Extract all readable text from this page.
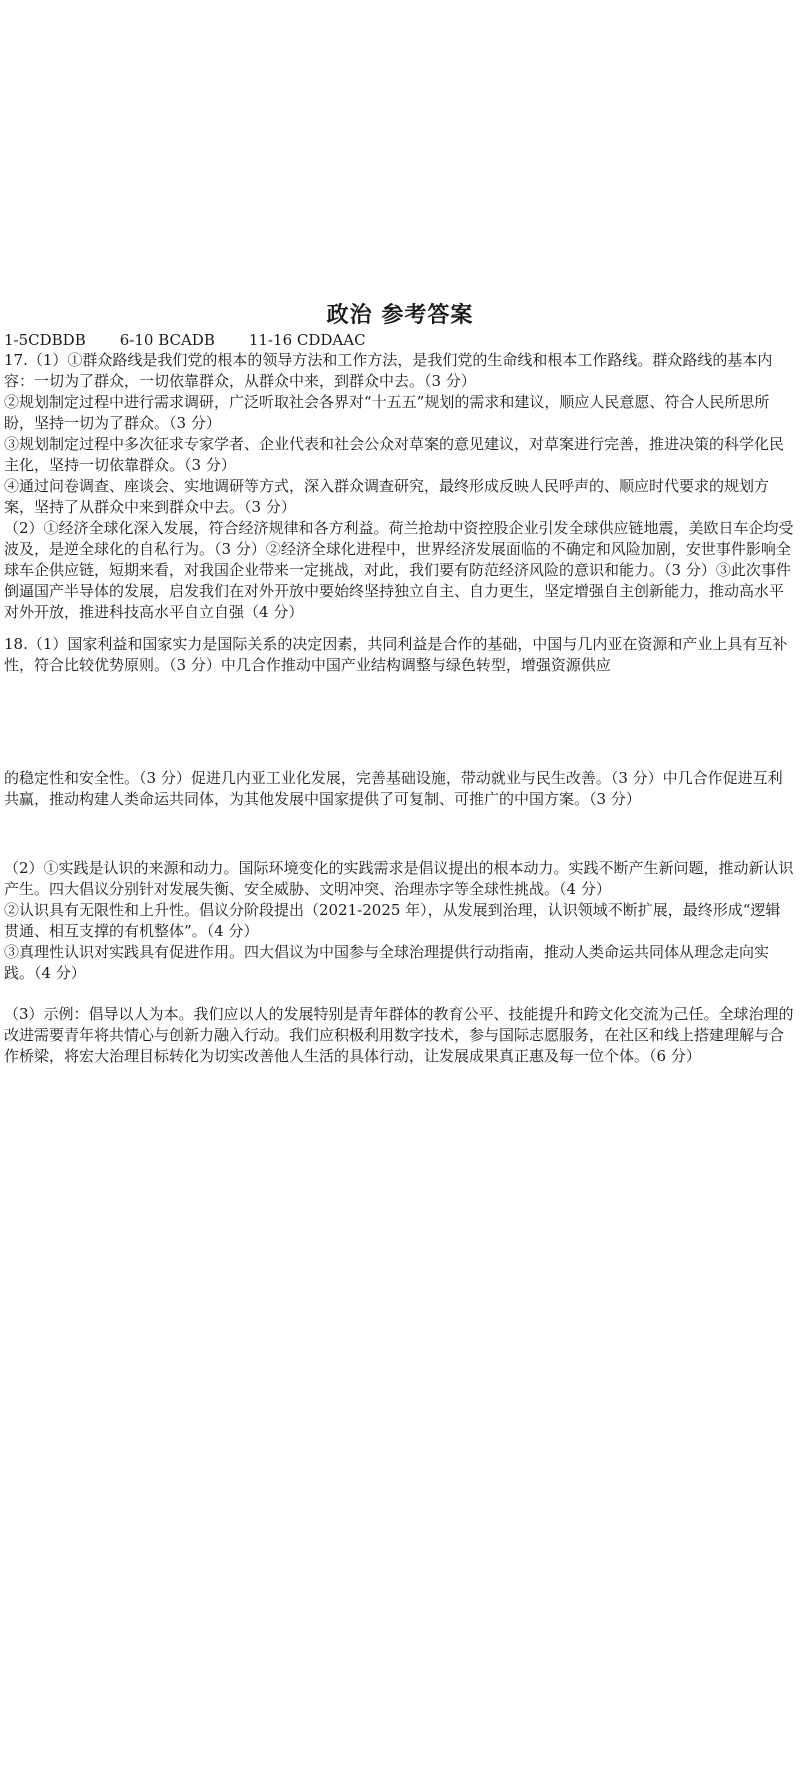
政治 参考答案
1-5CDBDB 6-10 BCADB 11-16 CDDAAC

17.（1）①群众路线是我们党的根本的领导方法和工作方法，是我们党的生命线和根本工作路线。群众路线的基本内容：一切为了群众，一切依靠群众，从群众中来，到群众中去。（3 分）

②规划制定过程中进行需求调研，广泛听取社会各界对“十五五”规划的需求和建议，顺应人民意愿、符合人民所思所盼，坚持一切为了群众。（3 分）

③规划制定过程中多次征求专家学者、企业代表和社会公众对草案的意见建议，对草案进行完善，推进决策的科学化民主化，坚持一切依靠群众。（3 分）

④通过问卷调查、座谈会、实地调研等方式，深入群众调查研究，最终形成反映人民呼声的、顺应时代要求的规划方案，坚持了从群众中来到群众中去。（3 分）

（2）①经济全球化深入发展，符合经济规律和各方利益。荷兰抢劫中资控股企业引发全球供应链地震，美欧日车企均受波及，是逆全球化的自私行为。（3 分）②经济全球化进程中，世界经济发展面临的不确定和风险加剧，安世事件影响全球车企供应链，短期来看，对我国企业带来一定挑战，对此，我们要有防范经济风险的意识和能力。（3 分）③此次事件倒逼国产半导体的发展，启发我们在对外开放中要始终坚持独立自主、自力更生，坚定增强自主创新能力，推动高水平对外开放，推进科技高水平自立自强（4 分）

18.（1）国家利益和国家实力是国际关系的决定因素，共同利益是合作的基础，中国与几内亚在资源和产业上具有互补性，符合比较优势原则。（3 分）中几合作推动中国产业结构调整与绿色转型，增强资源供应

的稳定性和安全性。（3 分）促进几内亚工业化发展，完善基础设施，带动就业与民生改善。（3 分）中几合作促进互利共赢，推动构建人类命运共同体，为其他发展中国家提供了可复制、可推广的中国方案。（3 分）

（2）①实践是认识的来源和动力。国际环境变化的实践需求是倡议提出的根本动力。实践不断产生新问题，推动新认识产生。四大倡议分别针对发展失衡、安全威胁、文明冲突、治理赤字等全球性挑战。（4 分）

②认识具有无限性和上升性。倡议分阶段提出（2021-2025 年），从发展到治理，认识领域不断扩展，最终形成“逻辑贯通、相互支撑的有机整体”。（4 分）

③真理性认识对实践具有促进作用。四大倡议为中国参与全球治理提供行动指南，推动人类命运共同体从理念走向实践。（4 分）

（3）示例：倡导以人为本。我们应以人的发展特别是青年群体的教育公平、技能提升和跨文化交流为己任。全球治理的改进需要青年将共情心与创新力融入行动。我们应积极利用数字技术，参与国际志愿服务，在社区和线上搭建理解与合作桥梁，将宏大治理目标转化为切实改善他人生活的具体行动，让发展成果真正惠及每一位个体。（6 分）
